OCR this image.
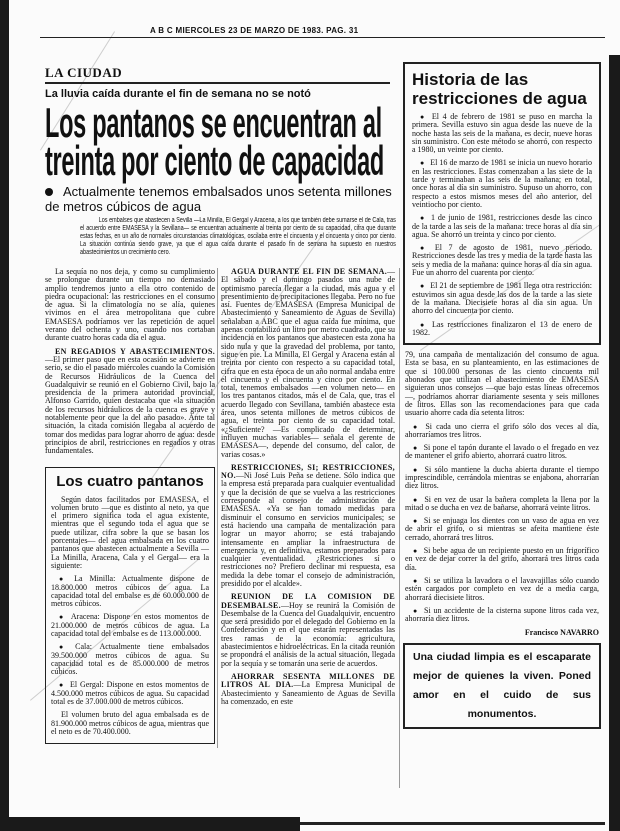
A B C MIERCOLES 23 DE MARZO DE 1983. PAG. 31
LA CIUDAD
La lluvia caída durante el fin de semana no se notó
Los pantanos se encuentran al
treinta por ciento de capacidad
Actualmente tenemos embalsados unos setenta millones de metros cúbicos de agua
Los embalses que abastecen a Sevilla —La Minilla, El Gergal y Aracena, a los que también debe sumarse el de Cala, tras el acuerdo entre EMASESA y la Sevillana— se encuentran actualmente al treinta por ciento de su capacidad, cifra que durante estas fechas, en un año de normales circunstancias climatológicas, oscilaba entre el cincuenta y el cincuenta y cinco por ciento. La situación continúa siendo grave, ya que el agua caída durante el pasado fin de semana ha supuesto en nuestros abastecimientos un crecimiento cero.

La sequía no nos deja, y como su cumplimiento se prolongue durante un tiempo no demasiado amplio tendremos junto a ella otro contenido de piedra ocupacional: las restricciones en el consumo de agua. Si la climatología no se alía, quienes vivimos en el área metropolitana que cubre EMASESA podríamos ver las repetición de aquel verano del ochenta y uno, cuando nos cortaban durante cuatro horas cada día el agua.

EN REGADIOS Y ABASTECIMIENTOS.—El primer paso que en esta ocasión se advierte en serio, se dio el pasado miércoles cuando la Comisión de Recursos Hidráulicos de la Cuenca del Guadalquivir se reunió en el Gobierno Civil, bajo la presidencia de la primera autoridad provincial, Alfonso Garrido, quien destacaba que «la situación de los recursos hidráulicos de la cuenca es grave y notablemente peor que la del año pasado». Ante tal situación, la citada comisión llegaba al acuerdo de tomar dos medidas para lograr ahorro de agua: desde principios de abril, restricciones en regadíos y otras fundamentales.

Los cuatro pantanos

Según datos facilitados por EMASESA, el volumen bruto —que es distinto al neto, ya que el primero significa toda el agua existente, mientras que el segundo toda el agua que se puede utilizar, cifra sobre la que se basan los porcentajes— del agua embalsada en los cuatro pantanos que abastecen actualmente a Sevilla —La Minilla, Aracena, Cala y el Gergal— era la siguiente:

● La Minilla: Actualmente dispone de 18.800.000 metros cúbicos de agua. La capacidad total del embalse es de 60.000.000 de metros cúbicos.

● Aracena: Dispone en estos momentos de 21.000.000 de metros cúbicos de agua. La capacidad total del embalse es de 113.000.000.

● Cala: Actualmente tiene embalsados 39.500.000 metros cúbicos de agua. Su capacidad total es de 85.000.000 de metros cúbicos.

● El Gergal: Dispone en estos momentos de 4.500.000 metros cúbicos de agua. Su capacidad total es de 37.000.000 de metros cúbicos.

El volumen bruto del agua embalsada es de 81.900.000 metros cúbicos de agua, mientras que el neto es de 70.400.000.

AGUA DURANTE EL FIN DE SEMANA.—El sábado y el domingo pasados una nube de optimismo parecía llegar a la ciudad, más agua y el presentimiento de precipitaciones llegaba. Pero no fue así. Fuentes de EMASESA (Empresa Municipal de Abastecimiento y Saneamiento de Aguas de Sevilla) señalaban a ABC que el agua caída fue mínima, que apenas contabilizó un litro por metro cuadrado, que su incidencia en los pantanos que abastecen esta zona ha sido nula y que la gravedad del problema, por tanto, sigue en pie. La Minilla, El Gergal y Aracena están al treinta por ciento con respecto a su capacidad total, cifra que en esta época de un año normal andaba entre el cincuenta y el cincuenta y cinco por ciento. En total, tenemos embalsados —en volumen neto— en los tres pantanos citados, más el de Cala, que, tras el acuerdo llegado con Sevillana, también abastece esta área, unos setenta millones de metros cúbicos de agua, el treinta por ciento de su capacidad total. «¿Suficiente? —Es complicado de determinar, influyen muchas variables— señala el gerente de EMASESA—, depende del consumo, del calor, de varias cosas.»

RESTRICCIONES, SI; RESTRICCIONES, NO.—Ni José Luis Peña se detiene. Sólo indica que la empresa está preparada para cualquier eventualidad y que la decisión de que se vuelva a las restricciones corresponde al consejo de administración de EMASESA. «Ya se han tomado medidas para disminuir el consumo en servicios municipales; se está haciendo una campaña de mentalización para lograr un mayor ahorro; se está trabajando intensamente en ampliar la infraestructura de emergencia y, en definitiva, estamos preparados para cualquier eventualidad. ¿Restricciones sí o restricciones no? Prefiero declinar mi respuesta, esa medida la debe tomar el consejo de administración, presidido por el alcalde».

REUNION DE LA COMISION DE DESEMBALSE.—Hoy se reunirá la Comisión de Desembalse de la Cuenca del Guadalquivir, encuentro que será presidido por el delegado del Gobierno en la Confederación y en el que estarán representadas las tres ramas de la economía: agricultura, abastecimientos e hidroeléctricas. En la citada reunión se propondrá el análisis de la actual situación, llegada por la sequía y se tomarán una serie de acuerdos.

AHORRAR SESENTA MILLONES DE LITROS AL DIA.—La Empresa Municipal de Abastecimiento y Saneamiento de Aguas de Sevilla ha comenzado, en este

Historia de las
restricciones de agua

● El 4 de febrero de 1981 se puso en marcha la primera. Sevilla estuvo sin agua desde las nueve de la noche hasta las seis de la mañana, es decir, nueve horas sin suministro. Con este método se ahorró, con respecto a 1980, un veinte por ciento.

● El 16 de marzo de 1981 se inicia un nuevo horario en las restricciones. Estas comenzaban a las siete de la tarde y terminaban a las seis de la mañana; en total, once horas al día sin suministro. Supuso un ahorro, con respecto a estos mismos meses del año anterior, del veintiocho por ciento.

● 1 de junio de 1981, restricciones desde las cinco de la tarde a las seis de la mañana: trece horas al día sin agua. Se ahorró un treinta y cinco por ciento.

● El 7 de agosto de 1981, nuevo periodo. Restricciones desde las tres y media de la tarde hasta las seis y media de la mañana: quince horas al día sin agua. Fue un ahorro del cuarenta por ciento.

● El 21 de septiembre de 1981 llega otra restricción: estuvimos sin agua desde las dos de la tarde a las siete de la mañana. Diecisiete horas al día sin agua. Un ahorro del cincuenta por ciento.

● Las restricciones finalizaron el 13 de enero de 1982.

79, una campaña de mentalización del consumo de agua. Esta se basa, en su planteamiento, en las estimaciones de que si 100.000 personas de las ciento cincuenta mil abonados que utilizan el abastecimiento de EMASESA siguieran unos consejos —que bajo estas líneas ofrecemos—, podríamos ahorrar diariamente sesenta y seis millones de litros. Ellas son las recomendaciones para que cada usuario ahorre cada día setenta litros:

● Si cada uno cierra el grifo sólo dos veces al día, ahorraríamos tres litros.

● Si pone el tapón durante el lavado o el fregado en vez de mantener el grifo abierto, ahorrará cuatro litros.

● Si sólo mantiene la ducha abierta durante el tiempo imprescindible, cerrándola mientras se enjabona, ahorrarían diez litros.

● Si en vez de usar la bañera completa la llena por la mitad o se ducha en vez de bañarse, ahorrará veinte litros.

● Si se enjuaga los dientes con un vaso de agua en vez de abrir el grifo, o si mientras se afeita mantiene éste cerrado, ahorrará tres litros.

● Si bebe agua de un recipiente puesto en un frigorífico en vez de dejar correr la del grifo, ahorrará tres litros cada día.

● Si se utiliza la lavadora o el lavavajillas sólo cuando estén cargados por completo en vez de a media carga, ahorrará diecisiete litros.

● Si un accidente de la cisterna supone litros cada vez, ahorraría diez litros.

Francisco NAVARRO
Una ciudad limpia es el escaparate mejor de quienes la viven. Poned amor en el cuido de sus monumentos.
